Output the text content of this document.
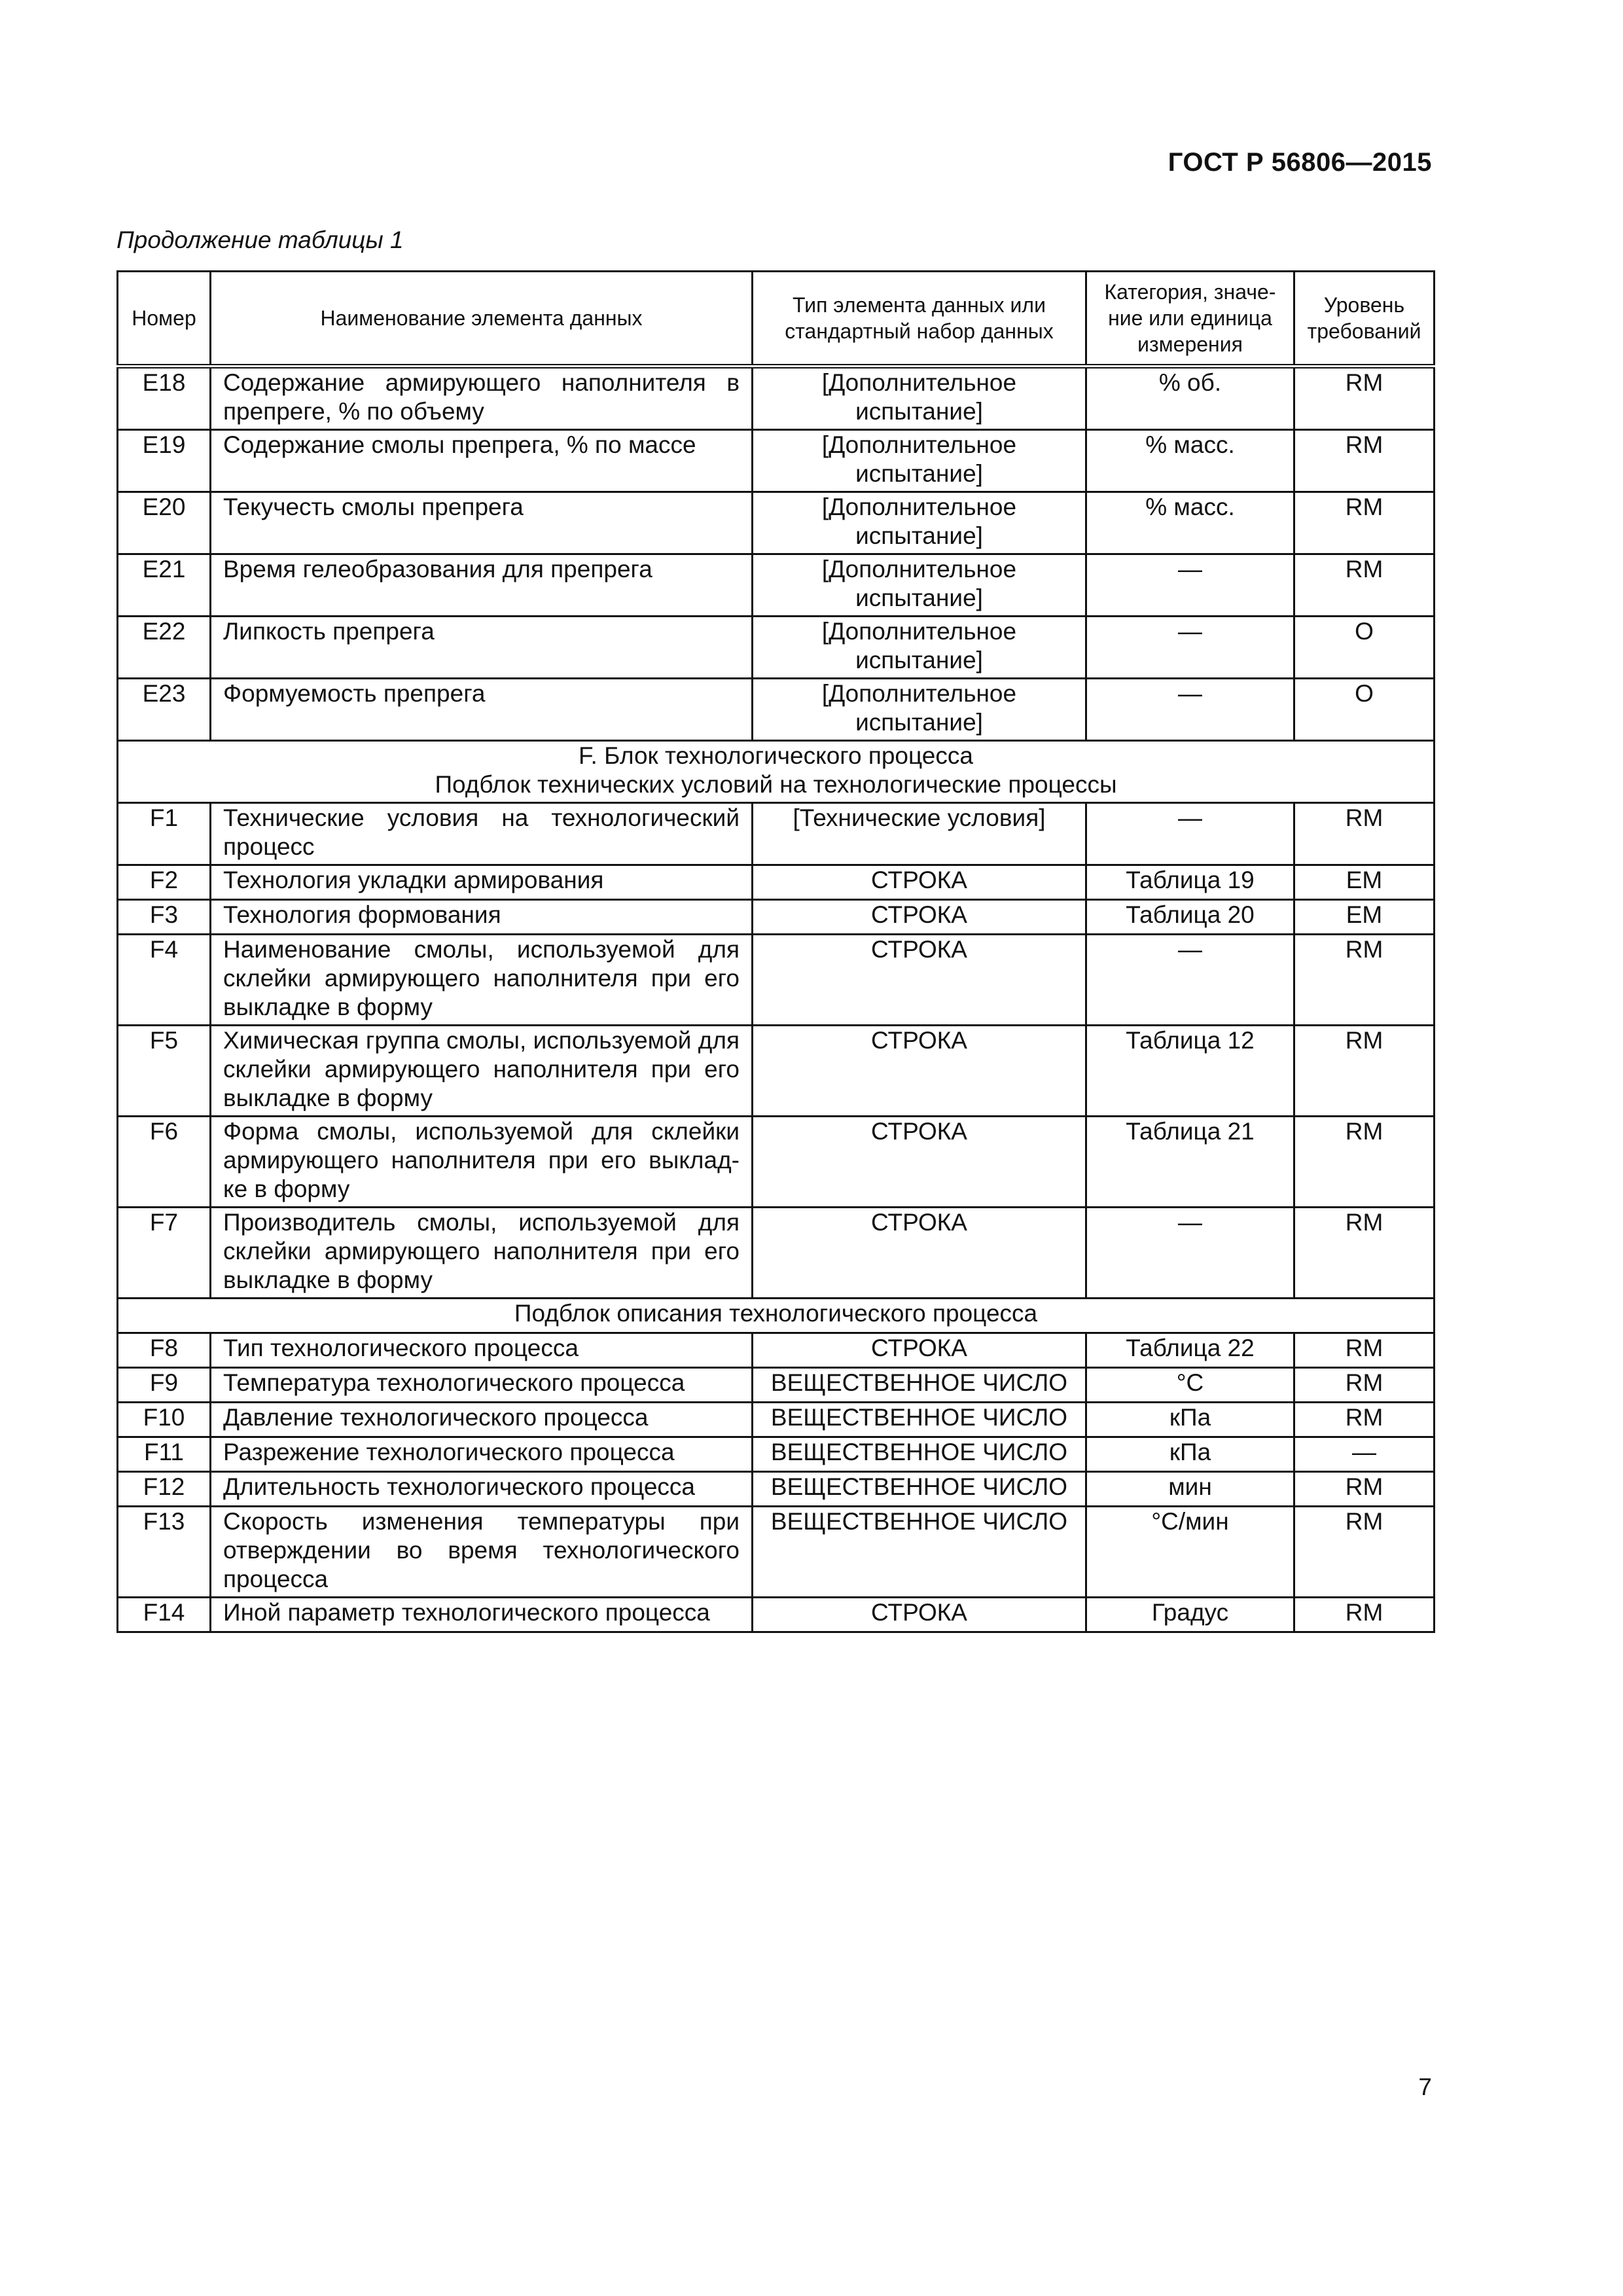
ГОСТ Р 56806—2015
Продолжение таблицы 1
Номер	Наименование элемента данных	Тип элемента данных или стандартный набор данных	Категория, значе-ние или единица измерения	Уровень требований
E18	Содержание армирующего наполнителя в препреге, % по объему	[Дополнительное испытание]	% об.	RM
E19	Содержание смолы препрега, % по массе	[Дополнительное испытание]	% масс.	RM
E20	Текучесть смолы препрега	[Дополнительное испытание]	% масс.	RM
E21	Время гелеобразования для препрега	[Дополнительное испытание]	—	RM
E22	Липкость препрега	[Дополнительное испытание]	—	O
E23	Формуемость препрега	[Дополнительное испытание]	—	O

F. Блок технологического процесса
Подблок технических условий на технологические процессы				

F1	Технические условия на технологический процесс	[Технические условия]	—	RM
F2	Технология укладки армирования	СТРОКА	Таблица 19	EM
F3	Технология формования	СТРОКА	Таблица 20	EM
F4	Наименование смолы, используемой для склейки армирующего наполнителя при его выкладке в форму	СТРОКА	—	RM
F5	Химическая группа смолы, используемой для склейки армирующего наполнителя при его выкладке в форму	СТРОКА	Таблица 12	RM
F6	Форма смолы, используемой для склейки армирующего наполнителя при его выклад-ке в форму	СТРОКА	Таблица 21	RM
F7	Производитель смолы, используемой для склейки армирующего наполнителя при его выкладке в форму	СТРОКА	—	RM

Подблок описания технологического процесса				

F8	Тип технологического процесса	СТРОКА	Таблица 22	RM
F9	Температура технологического процесса	ВЕЩЕСТВЕННОЕ ЧИСЛО	°C	RM
F10	Давление технологического процесса	ВЕЩЕСТВЕННОЕ ЧИСЛО	кПа	RM
F11	Разрежение технологического процесса	ВЕЩЕСТВЕННОЕ ЧИСЛО	кПа	—
F12	Длительность технологического процесса	ВЕЩЕСТВЕННОЕ ЧИСЛО	мин	RM
F13	Скорость изменения температуры при отверждении во время технологического процесса	ВЕЩЕСТВЕННОЕ ЧИСЛО	°С/мин	RM
F14	Иной параметр технологического процесса	СТРОКА	Градус	RM
7
